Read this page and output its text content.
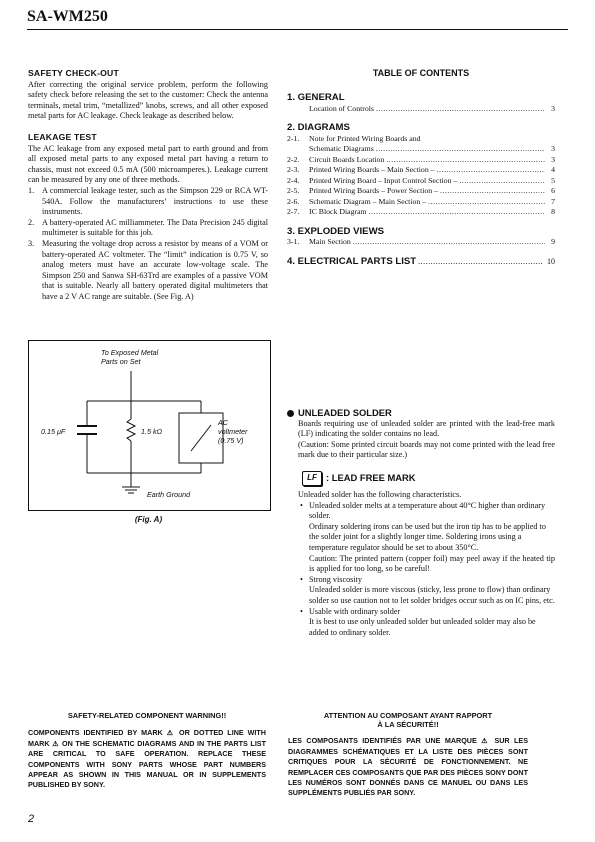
SA-WM250
SAFETY CHECK-OUT

After correcting the original service problem, perform the following safety check before releasing the set to the customer: Check the antenna terminals, metal trim, “metallized” knobs, screws, and all other exposed metal parts for AC leakage. Check leakage as described below.

LEAKAGE TEST

The AC leakage from any exposed metal part to earth ground and from all exposed metal parts to any exposed metal part having a return to chassis, must not exceed 0.5 mA (500 microamperes.). Leakage current can be measured by any one of three methods.

1. A commercial leakage tester, such as the Simpson 229 or RCA WT-540A. Follow the manufacturers’ instructions to use these instruments.
2. A battery-operated AC milliammeter. The Data Precision 245 digital multimeter is suitable for this job.
3. Measuring the voltage drop across a resistor by means of a VOM or battery-operated AC voltmeter. The “limit” indication is 0.75 V, so analog meters must have an accurate low-voltage scale. The Simpson 250 and Sanwa SH-63Trd are examples of a passive VOM that is suitable. Nearly all battery operated digital multimeters that have a 2 V AC range are suitable. (See Fig. A)
To Exposed Metal
Parts on Set
0.15 μF	1.5 kΩ
AC
voltmeter
(0.75 V)
Earth Ground
(Fig. A)
TABLE OF CONTENTS
1. GENERAL
Location of Controls .....	3
2. DIAGRAMS
2-1.	Note for Printed Wiring Boards and
Schematic Diagrams .....	3
2-2.	Circuit Boards Location .....	3
2-3.	Printed Wiring Boards – Main Section – .....	4
2-4.	Printed Wiring Board – Input Control Section – .....	5
2-5.	Printed Wiring Boards – Power Section – .....	6
2-6.	Schematic Diagram – Main Section – .....	7
2-7.	IC Block Diagram .....	8
3. EXPLODED VIEWS
3-1.	Main Section .....	9
4. ELECTRICAL PARTS LIST .....	10
UNLEADED SOLDER

Boards requiring use of unleaded solder are printed with the lead-free mark (LF) indicating the solder contains no lead.

(Caution: Some printed circuit boards may not come printed with the lead free mark due to their particular size.)

LF : LEAD FREE MARK

Unleaded solder has the following characteristics.

• Unleaded solder melts at a temperature about 40°C higher than ordinary solder.
Ordinary soldering irons can be used but the iron tip has to be applied to the solder joint for a slightly longer time. Soldering irons using a temperature regulator should be set to about 350°C.
Caution: The printed pattern (copper foil) may peel away if the heated tip is applied for too long, so be careful!
• Strong viscosity
Unleaded solder is more viscous (sticky, less prone to flow) than ordinary solder so use caution not to let solder bridges occur such as on IC pins, etc.
• Usable with ordinary solder
It is best to use only unleaded solder but unleaded solder may also be added to ordinary solder.
SAFETY-RELATED COMPONENT WARNING!!
COMPONENTS IDENTIFIED BY MARK ⚠ OR DOTTED LINE WITH MARK ⚠ ON THE SCHEMATIC DIAGRAMS AND IN THE PARTS LIST ARE CRITICAL TO SAFE OPERATION. REPLACE THESE COMPONENTS WITH SONY PARTS WHOSE PART NUMBERS APPEAR AS SHOWN IN THIS MANUAL OR IN SUPPLEMENTS PUBLISHED BY SONY.
ATTENTION AU COMPOSANT AYANT RAPPORT
À LA SÉCURITÉ!!
LES COMPOSANTS IDENTIFIÉS PAR UNE MARQUE ⚠ SUR LES DIAGRAMMES SCHÉMATIQUES ET LA LISTE DES PIÈCES SONT CRITIQUES POUR LA SÉCURITÉ DE FONCTIONNEMENT. NE REMPLACER CES COMPOSANTS QUE PAR DES PIÈCES SONY DONT LES NUMÉROS SONT DONNÉS DANS CE MANUEL OU DANS LES SUPPLÉMENTS PUBLIÉS PAR SONY.
2
